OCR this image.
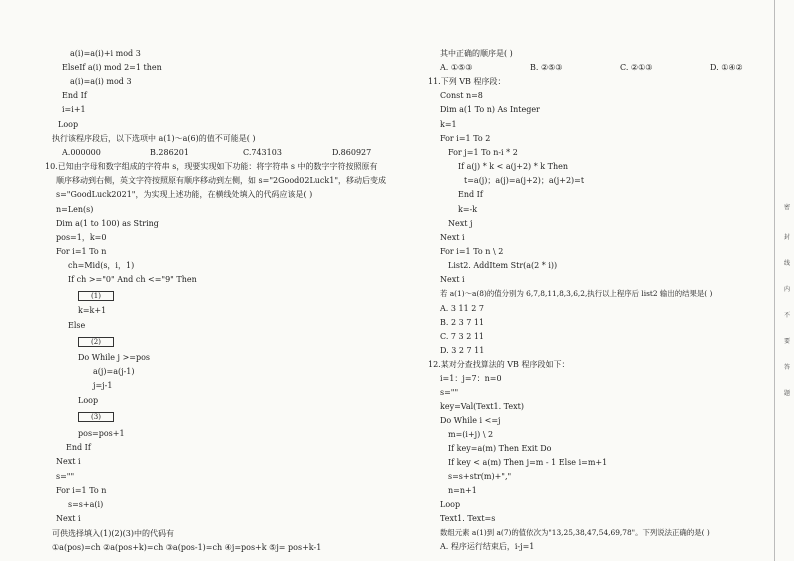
a(i)=a(i)+i mod 3
ElseIf a(i) mod 2=1 then
a(i)=a(i) mod 3
End If
i=i+1
Loop
执行该程序段后，以下选项中 a(1)～a(6)的值不可能是( )
A.000000	B.286201	C.743103	D.860927
10.已知由字母和数字组成的字符串 s，现要实现如下功能：将字符串 s 中的数字字符按照原有
顺序移动到右侧，英文字符按照原有顺序移动到左侧，如 s="2Good02Luck1"，移动后变成
s="GoodLuck2021"，为实现上述功能，在横线处填入的代码应该是( )
n=Len(s)
Dim a(1 to 100) as String
pos=1，k=0
For i=1 To n
ch=Mid(s，i，1)
If ch >="0" And ch <="9" Then
(1)
k=k+1
Else
(2)
Do While j >=pos
a(j)=a(j-1)
j=j-1
Loop
(3)
pos=pos+1
End If
Next i
s=""
For i=1 To n
s=s+a(i)
Next i
可供选择填入(1)(2)(3)中的代码有
①a(pos)=ch ②a(pos+k)=ch ③a(pos-1)=ch ④j=pos+k ⑤j= pos+k-1
其中正确的顺序是( )
A. ①⑤③	B. ②⑤③	C. ②①③	D. ①④②
11.下列 VB 程序段：
Const n=8
Dim a(1 To n) As Integer
k=1
For i=1 To 2
For j=1 To n-i * 2
If a(j) * k < a(j+2) * k Then
t=a(j)；a(j)=a(j+2)；a(j+2)=t
End If
k=-k
Next j
Next i
For i=1 To n \ 2
List2. AddItem Str(a(2 * i))
Next i
若 a(1)～a(8)的值分别为 6,7,8,11,8,3,6,2,执行以上程序后 list2 输出的结果是( )
A. 3 11 2 7
B. 2 3 7 11
C. 7 3 2 11
D. 3 2 7 11
12.某对分查找算法的 VB 程序段如下：
i=1：j=7：n=0
s=""
key=Val(Text1. Text)
Do While i <=j
m=(i+j) \ 2
If key=a(m) Then Exit Do
If key < a(m) Then j=m - 1 Else i=m+1
s=s+str(m)+","
n=n+1
Loop
Text1. Text=s
数组元素 a(1)到 a(7)的值依次为"13,25,38,47,54,69,78"。下列说法正确的是( )
A. 程序运行结束后，i-j=1
密
封
线
内
不
要
答
题
